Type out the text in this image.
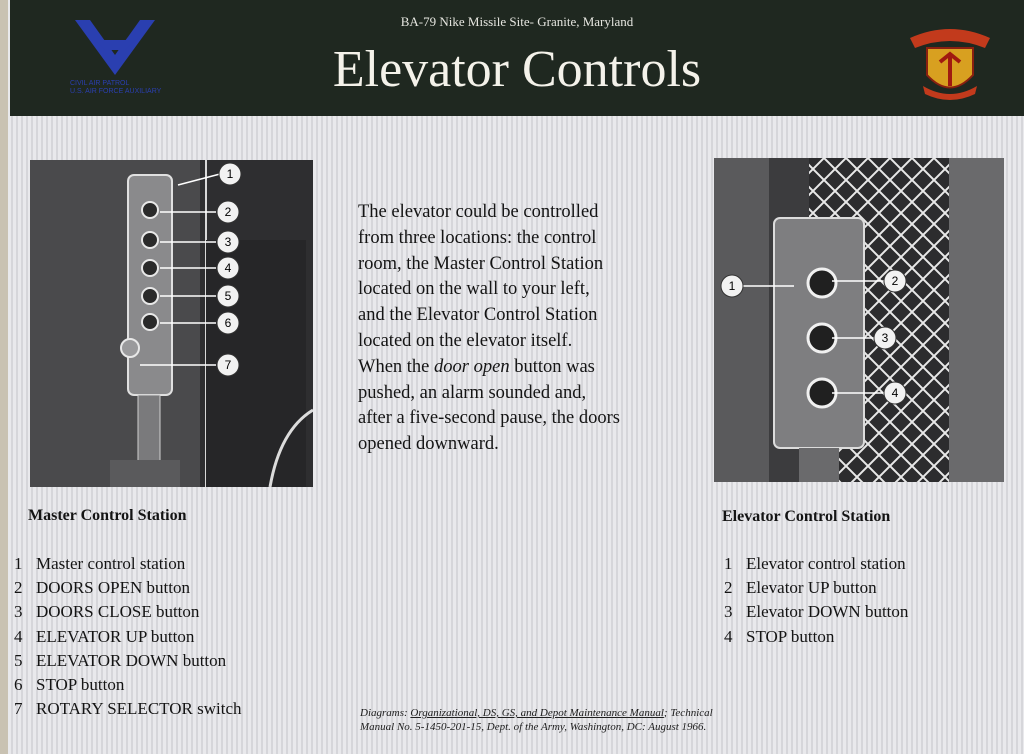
CIVIL AIR PATROL
U.S. AIR FORCE AUXILIARY
BA-79 Nike Missile Site- Granite, Maryland
Elevator Controls
1
2
3
4
5
6
7
1	2
3
4

The elevator could be controlled

from three locations: the control

room, the Master Control Station

located on the wall to your left,

and the Elevator Control Station

located on the elevator itself.

When the door open button was

pushed, an alarm sounded and,

after a five-second pause, the doors

opened downward.

Master Control Station
1 Master control station
2 DOORS OPEN button
3 DOORS CLOSE button
4 ELEVATOR UP button
5 ELEVATOR DOWN button
6 STOP button
7 ROTARY SELECTOR switch
Elevator Control Station
1 Elevator control station
2 Elevator UP button
3 Elevator DOWN button
4 STOP button
Diagrams: Organizational, DS, GS, and Depot Maintenance Manual; Technical
Manual No. 5-1450-201-15, Dept. of the Army, Washington, DC: August 1966.
